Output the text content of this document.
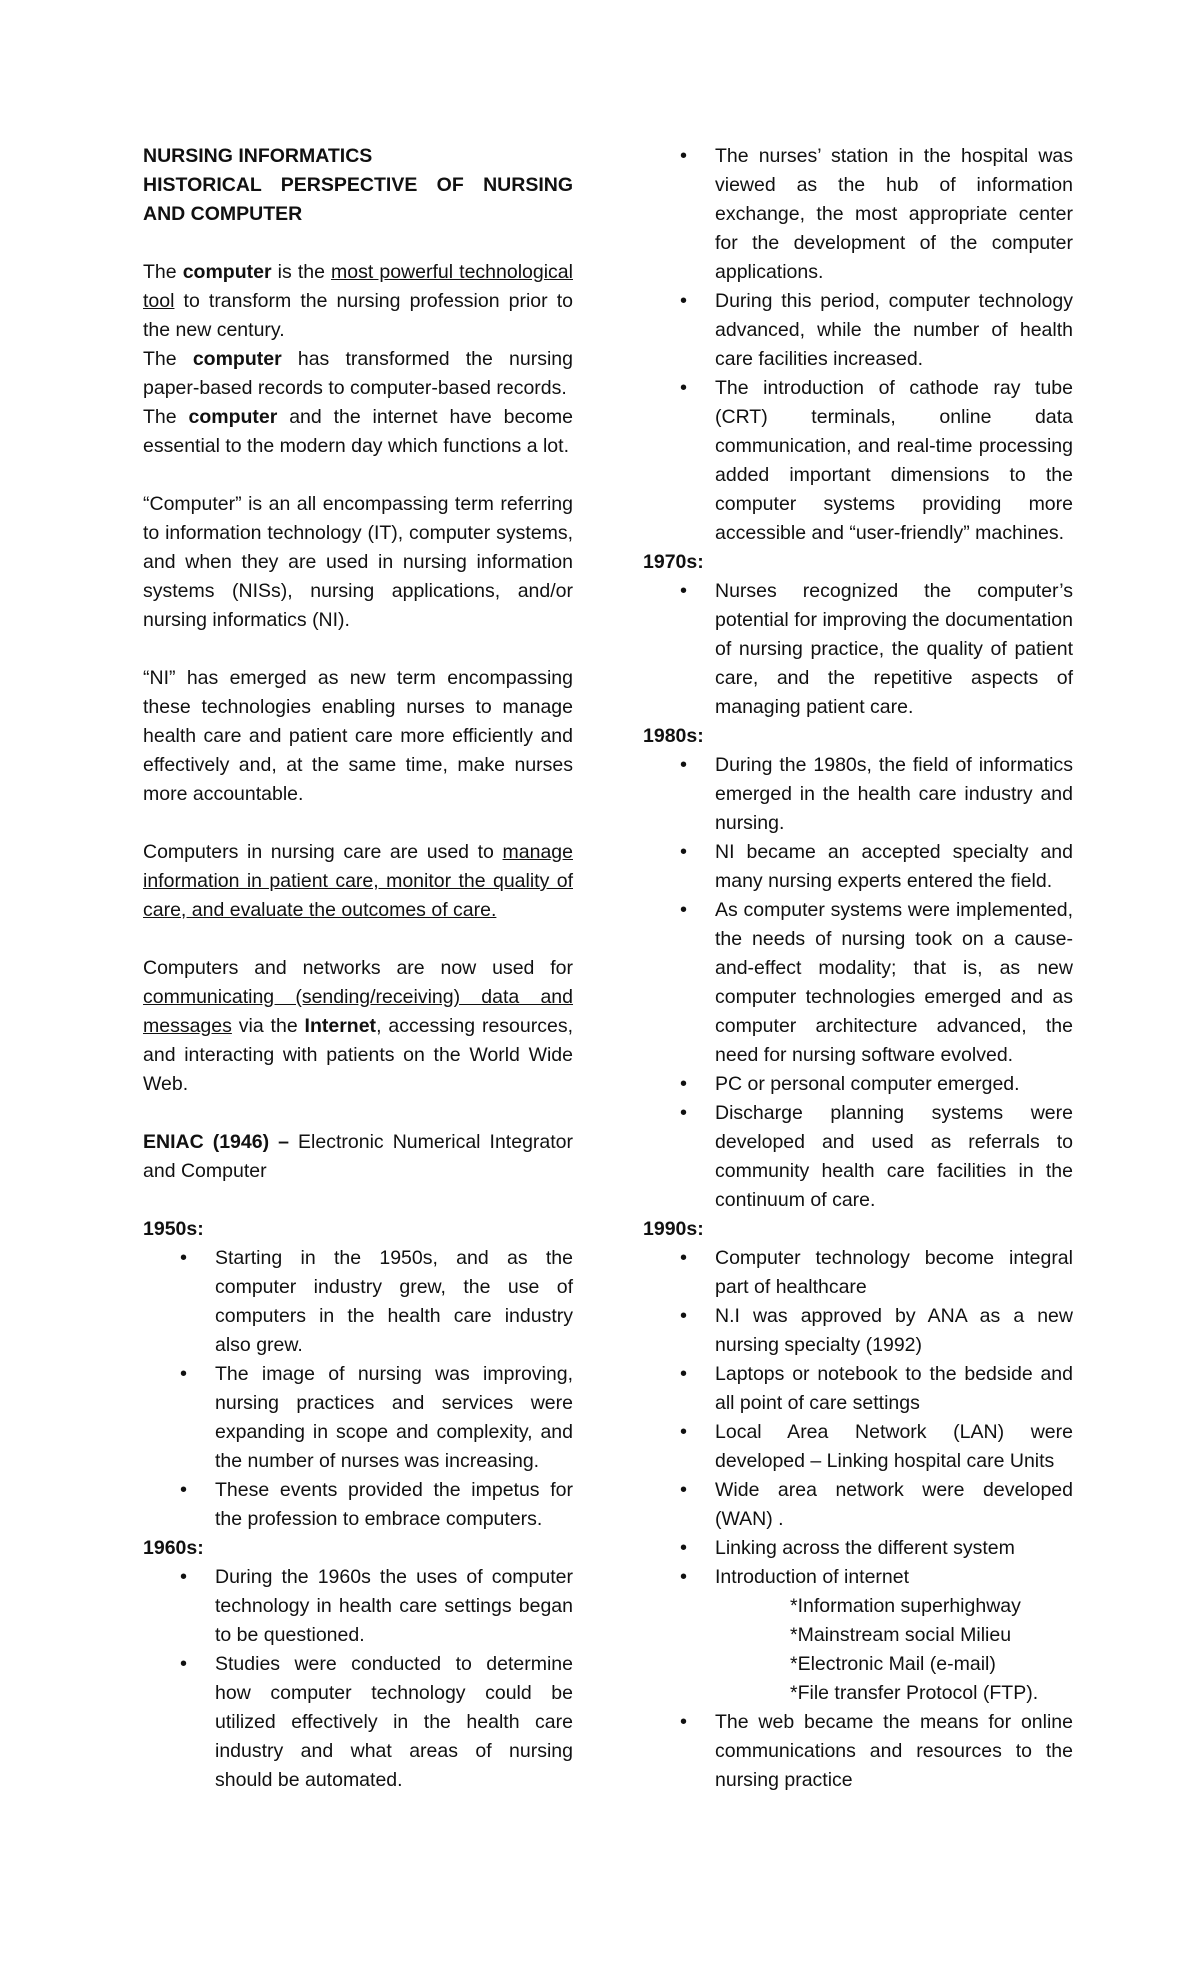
NURSING INFORMATICS
HISTORICAL PERSPECTIVE OF NURSING AND COMPUTER

The computer is the most powerful technological tool to transform the nursing profession prior to the new century.

The computer has transformed the nursing paper-based records to computer-based records.

The computer and the internet have become essential to the modern day which functions a lot.

“Computer” is an all encompassing term referring to information technology (IT), computer systems, and when they are used in nursing information systems (NISs), nursing applications, and/or nursing informatics (NI).

“NI” has emerged as new term encompassing these technologies enabling nurses to manage health care and patient care more efficiently and effectively and, at the same time, make nurses more accountable.

Computers in nursing care are used to manage information in patient care, monitor the quality of care, and evaluate the outcomes of care.

Computers and networks are now used for communicating (sending/receiving) data and messages via the Internet, accessing resources, and interacting with patients on the World Wide Web.

ENIAC (1946) – Electronic Numerical Integrator and Computer

1950s:
• Starting in the 1950s, and as the computer industry grew, the use of computers in the health care industry also grew.
• The image of nursing was improving, nursing practices and services were expanding in scope and complexity, and the number of nurses was increasing.
• These events provided the impetus for the profession to embrace computers.
1960s:
• During the 1960s the uses of computer technology in health care settings began to be questioned.
• Studies were conducted to determine how computer technology could be utilized effectively in the health care industry and what areas of nursing should be automated.
• The nurses’ station in the hospital was viewed as the hub of information exchange, the most appropriate center for the development of the computer applications.
• During this period, computer technology advanced, while the number of health care facilities increased.
• The introduction of cathode ray tube (CRT) terminals, online data communication, and real-time processing added important dimensions to the computer systems providing more accessible and “user-friendly” machines.
1970s:
• Nurses recognized the computer’s potential for improving the documentation of nursing practice, the quality of patient care, and the repetitive aspects of managing patient care.
1980s:
• During the 1980s, the field of informatics emerged in the health care industry and nursing.
• NI became an accepted specialty and many nursing experts entered the field.
• As computer systems were implemented, the needs of nursing took on a cause-and-effect modality; that is, as new computer technologies emerged and as computer architecture advanced, the need for nursing software evolved.
• PC or personal computer emerged.
• Discharge planning systems were developed and used as referrals to community health care facilities in the continuum of care.
1990s:
• Computer technology become integral part of healthcare
• N.I was approved by ANA as a new nursing specialty (1992)
• Laptops or notebook to the bedside and all point of care settings
• Local Area Network (LAN) were developed – Linking hospital care Units
• Wide area network were developed (WAN) .
• Linking across the different system
• Introduction of internet
*Information superhighway
*Mainstream social Milieu
*Electronic Mail (e-mail)
*File transfer Protocol (FTP).
• The web became the means for online communications and resources to the nursing practice
